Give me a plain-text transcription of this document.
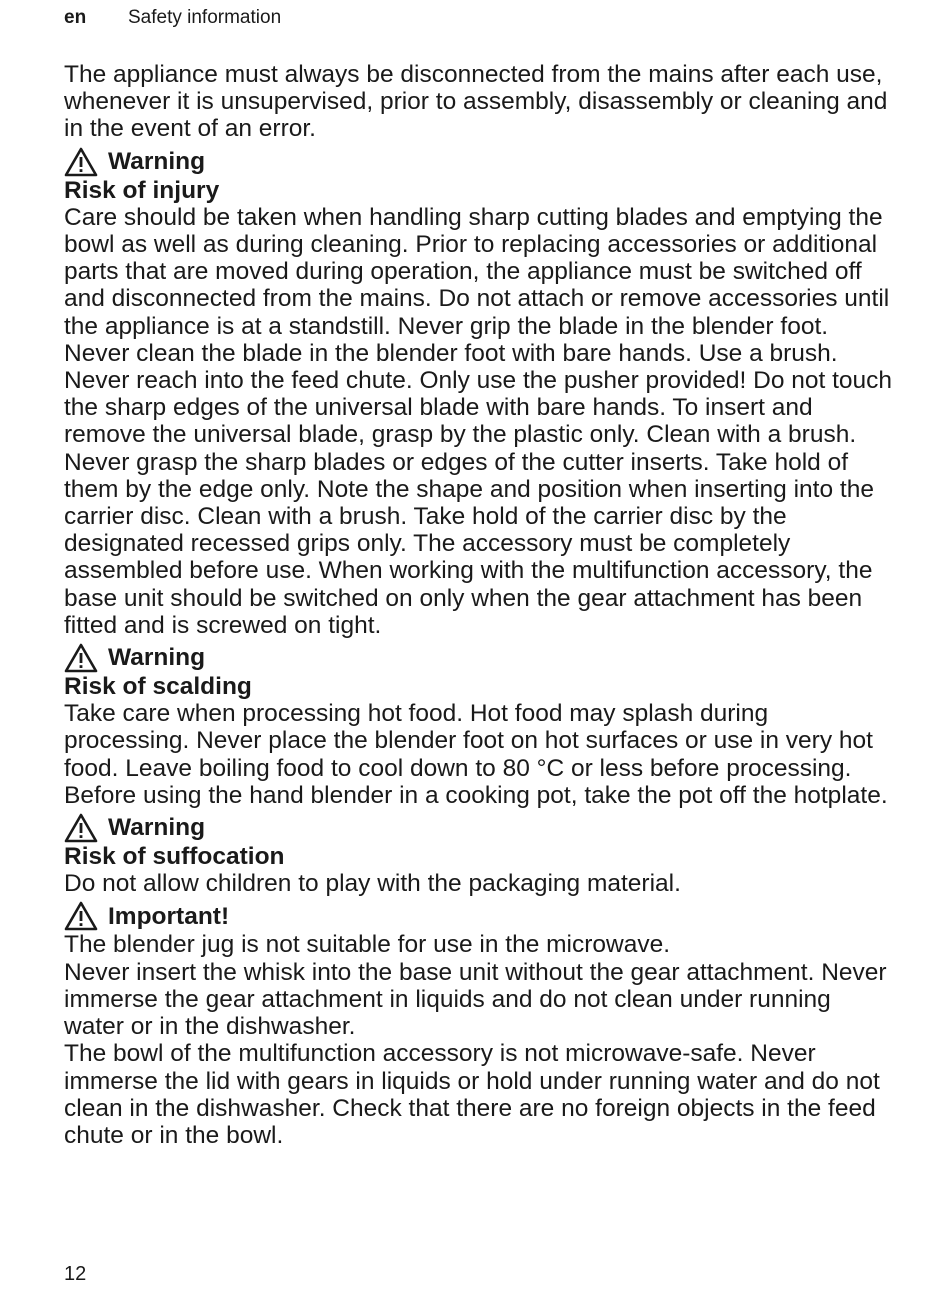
en	Safety information

The appliance must always be disconnected from the mains after each use, whenever it is unsupervised, prior to assembly, disassembly or cleaning and in the event of an error.

Warning

Risk of injury

Care should be taken when handling sharp cutting blades and emptying the bowl as well as during cleaning. Prior to replacing accessories or additional parts that are moved during operation, the appliance must be switched off and disconnected from the mains. Do not attach or remove accessories until the appliance is at a standstill. Never grip the blade in the blender foot. Never clean the blade in the blender foot with bare hands. Use a brush.

Never reach into the feed chute. Only use the pusher provided! Do not touch the sharp edges of the universal blade with bare hands. To insert and remove the universal blade, grasp by the plastic only. Clean with a brush.

Never grasp the sharp blades or edges of the cutter inserts. Take hold of them by the edge only. Note the shape and position when inserting into the carrier disc. Clean with a brush. Take hold of the carrier disc by the designated recessed grips only. The accessory must be completely assembled before use. When working with the multifunction accessory, the base unit should be switched on only when the gear attachment has been fitted and is screwed on tight.

Warning

Risk of scalding

Take care when processing hot food. Hot food may splash during processing. Never place the blender foot on hot surfaces or use in very hot food. Leave boiling food to cool down to 80 °C or less before processing. Before using the hand blender in a cooking pot, take the pot off the hotplate.

Warning

Risk of suffocation

Do not allow children to play with the packaging material.

Important!

The blender jug is not suitable for use in the microwave.

Never insert the whisk into the base unit without the gear attachment. Never immerse the gear attachment in liquids and do not clean under running water or in the dishwasher.

The bowl of the multifunction accessory is not microwave-safe. Never immerse the lid with gears in liquids or hold under running water and do not clean in the dishwasher. Check that there are no foreign objects in the feed chute or in the bowl.

12
